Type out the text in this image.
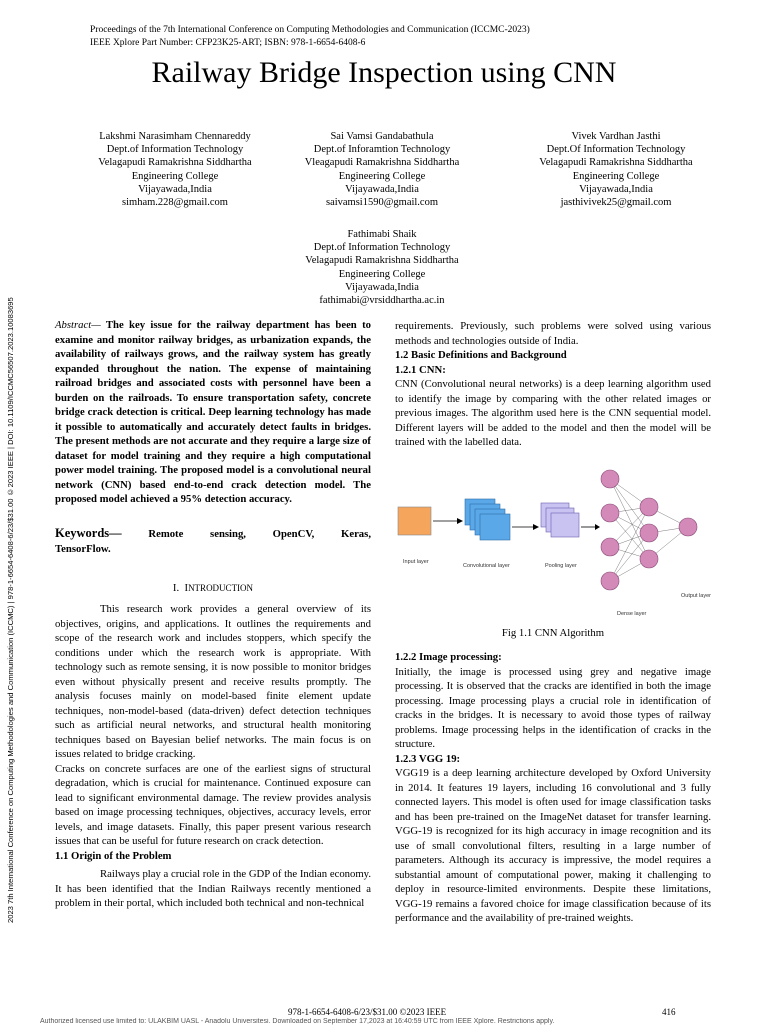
Proceedings of the 7th International Conference on Computing Methodologies and Communication (ICCMC-2023)
IEEE Xplore Part Number: CFP23K25-ART; ISBN: 978-1-6654-6408-6
Railway Bridge Inspection using CNN
Lakshmi Narasimham Chennareddy
Dept.of Information Technology
Velagapudi Ramakrishna Siddhartha
Engineering College
Vijayawada,India
simham.228@gmail.com
Sai Vamsi Gandabathula
Dept.of Inforamtion Technology
Vleagapudi Ramakrishna Siddhartha
Engineering College
Vijayawada,India
saivamsi1590@gmail.com
Vivek Vardhan Jasthi
Dept.Of Information Technology
Velagapudi Ramakrishna Siddhartha
Engineering College
Vijayawada,India
jasthivivek25@gmail.com
Fathimabi Shaik
Dept.of Information Technology
Velagapudi Ramakrishna Siddhartha
Engineering College
Vijayawada,India
fathimabi@vrsiddhartha.ac.in
2023 7th International Conference on Computing Methodologies and Communication (ICCMC) | 978-1-6654-6408-6/23/$31.00 ©2023 IEEE | DOI: 10.1109/ICCMC56507.2023.10083695	Abstract— The key issue for the railway department has been to examine and monitor railway bridges, as urbanization expands, the availability of railways grows, and the railway system has greatly expanded throughout the nation. The expense of maintaining railroad bridges and associated costs with personnel have been a burden on the railroads. To ensure transportation safety, concrete bridge crack detection is critical. Deep learning technology has made it possible to automatically and accurately detect faults in bridges. The present methods are not accurate and they require a large size of dataset for model training and they require a high computational power model training. The proposed model is a convolutional neural network (CNN) based end-to-end crack detection model. The proposed model achieved a 95% detection accuracy.

Keywords— Remote sensing, OpenCV, Keras, TensorFlow.

I. INTRODUCTION

This research work provides a general overview of its objectives, origins, and applications. It outlines the requirements and scope of the research work and includes stoppers, which specify the conditions under which the research work is appropriate. With technology such as remote sensing, it is now possible to monitor bridges even without physically present and receive results promptly. The analysis focuses mainly on model-based finite element update techniques, non-model-based (data-driven) defect detection techniques such as artificial neural networks, and structural health monitoring techniques based on Bayesian belief networks. The main focus is on issues related to bridge cracking.

Cracks on concrete surfaces are one of the earliest signs of structural degradation, which is crucial for maintenance. Continued exposure can lead to significant environmental damage. The review provides analysis based on image processing techniques, objectives, accuracy levels, error levels, and image datasets. Finally, this paper present various research issues that can be useful for future research on crack detection.

1.1 Origin of the Problem

Railways play a crucial role in the GDP of the Indian economy. It has been identified that the Indian Railways recently mentioned a problem in their portal, which included both technical and non-technical

requirements. Previously, such problems were solved using various methods and technologies outside of India.

1.2 Basic Definitions and Background

1.2.1 CNN:

CNN (Convolutional neural networks) is a deep learning algorithm used to identify the image by comparing with the other related images or previous images. The algorithm used here is the CNN sequential model. Different layers will be added to the model and then the model will be trained with the labelled data.

Input layer
Convolutional layer	Pooling layer
Dense layer
Output layer
Fig 1.1 CNN Algorithm

1.2.2 Image processing:

Initially, the image is processed using grey and negative image processing. It is observed that the cracks are identified in both the image processing. Image processing plays a crucial role in identification of cracks in the bridges. It is necessary to avoid those types of railway problems. Image processing helps in the identification of cracks in the structure.

1.2.3 VGG 19:

VGG19 is a deep learning architecture developed by Oxford University in 2014. It features 19 layers, including 16 convolutional and 3 fully connected layers. This model is often used for image classification tasks and has been pre-trained on the ImageNet dataset for transfer learning. VGG-19 is recognized for its high accuracy in image recognition and its use of small convolutional filters, resulting in a large number of parameters. Although its accuracy is impressive, the model requires a substantial amount of computational power, making it challenging to deploy in resource-limited environments. Despite these limitations, VGG-19 remains a favored choice for image classification because of its performance and the availability of pre-trained weights.

978-1-6654-6408-6/23/$31.00 ©2023 IEEE	416
Authorized licensed use limited to: ULAKBIM UASL - Anadolu Universitesi. Downloaded on September 17,2023 at 16:40:59 UTC from IEEE Xplore. Restrictions apply.
